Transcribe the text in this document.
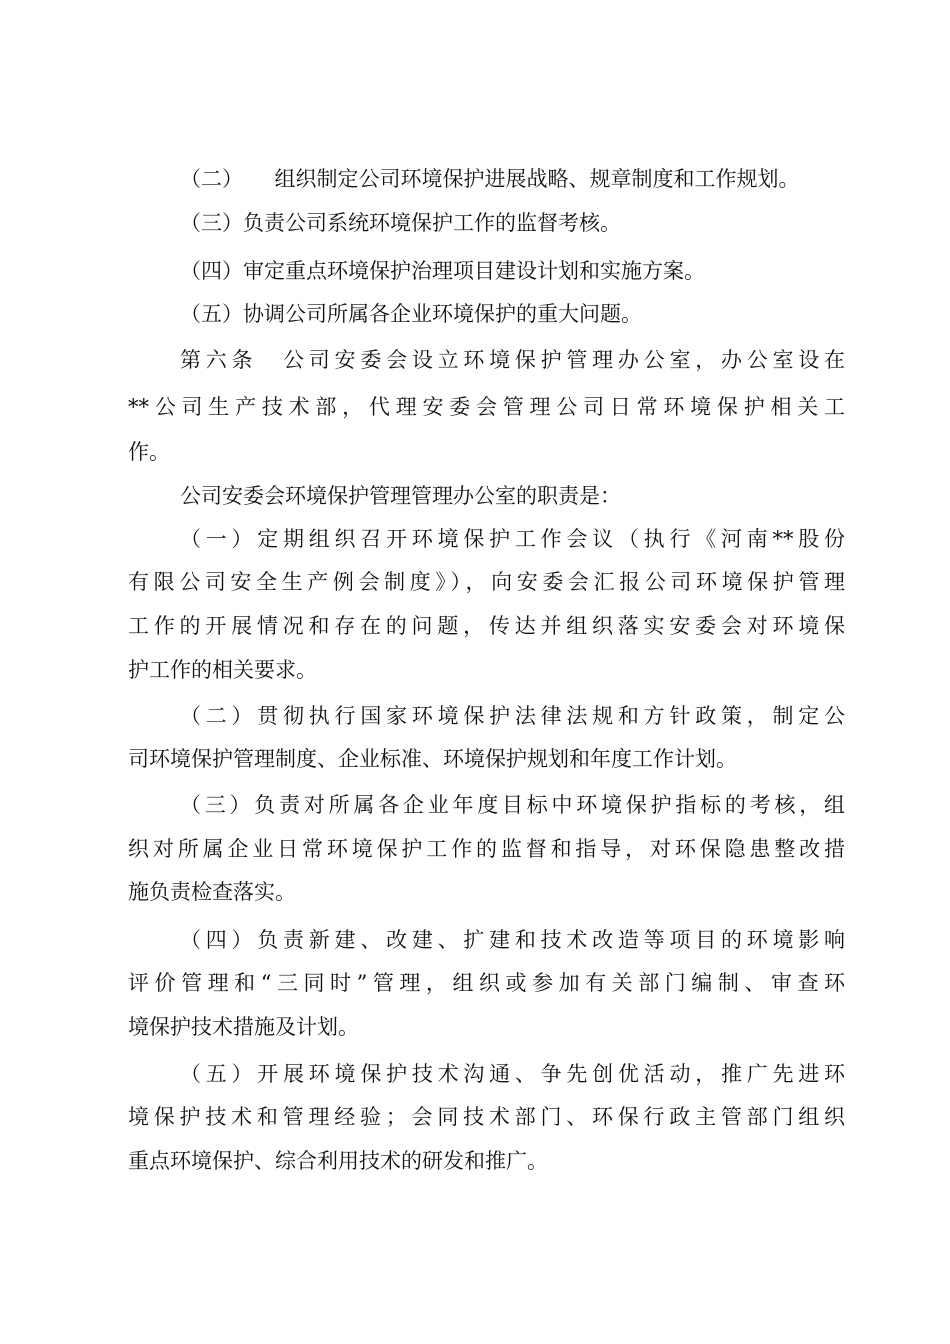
（二）　　组织制定公司环境保护进展战略、规章制度和工作规划。
（三）负责公司系统环境保护工作的监督考核。
（四）审定重点环境保护治理项目建设计划和实施方案。
（五）协调公司所属各企业环境保护的重大问题。
第六条　公司安委会设立环境保护管理办公室，办公室设在
**公司生产技术部，代理安委会管理公司日常环境保护相关工
作。
公司安委会环境保护管理管理办公室的职责是：
（一）定期组织召开环境保护工作会议（执行《河南**股份
有限公司安全生产例会制度》），向安委会汇报公司环境保护管理
工作的开展情况和存在的问题，传达并组织落实安委会对环境保
护工作的相关要求。
（二）贯彻执行国家环境保护法律法规和方针政策，制定公
司环境保护管理制度、企业标准、环境保护规划和年度工作计划。
（三）负责对所属各企业年度目标中环境保护指标的考核，组
织对所属企业日常环境保护工作的监督和指导，对环保隐患整改措
施负责检查落实。
（四）负责新建、改建、扩建和技术改造等项目的环境影响
评价管理和“三同时”管理，组织或参加有关部门编制、审查环
境保护技术措施及计划。
（五）开展环境保护技术沟通、争先创优活动，推广先进环
境保护技术和管理经验；会同技术部门、环保行政主管部门组织
重点环境保护、综合利用技术的研发和推广。
